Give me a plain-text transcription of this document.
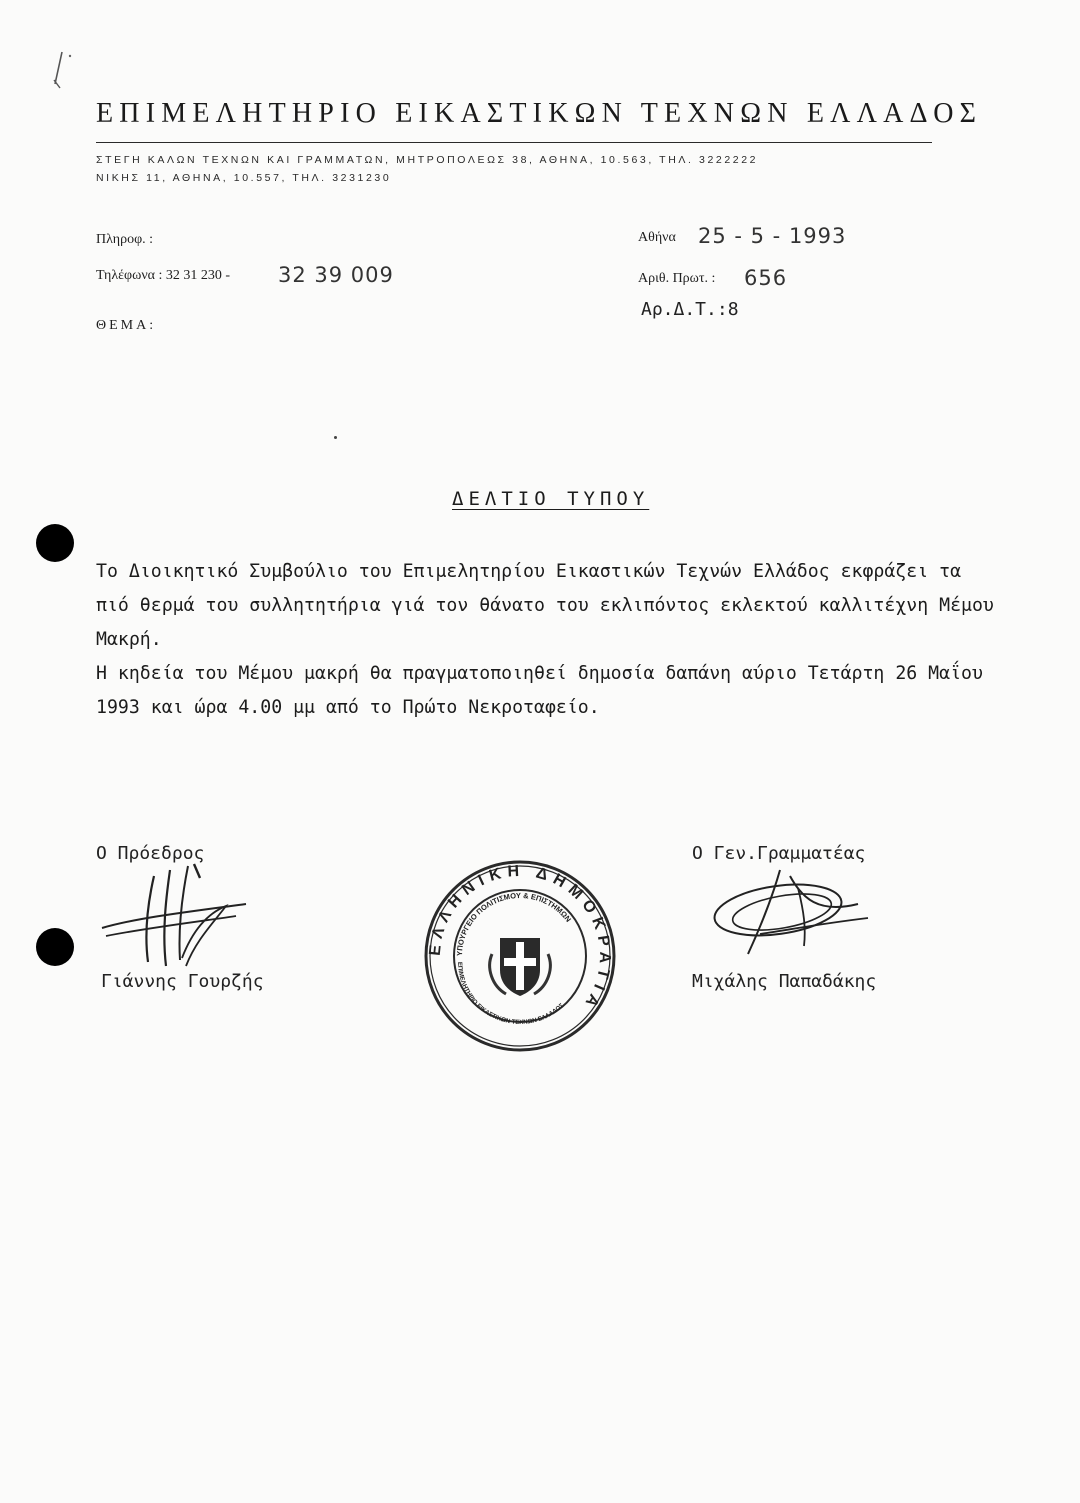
ΕΠΙΜΕΛΗΤΗΡΙΟ ΕΙΚΑΣΤΙΚΩΝ ΤΕΧΝΩΝ ΕΛΛΑΔΟΣ
ΣΤΕΓΗ ΚΑΛΩΝ ΤΕΧΝΩΝ ΚΑΙ ΓΡΑΜΜΑΤΩΝ, ΜΗΤΡΟΠΟΛΕΩΣ 38, ΑΘΗΝΑ, 10.563, ΤΗΛ. 3222222
ΝΙΚΗΣ 11, ΑΘΗΝΑ, 10.557, ΤΗΛ. 3231230
Πληροφ. :
Τηλέφωνα : 32 31 230 - 32 39 009
ΘΕΜΑ:
Αθήνα 25 - 5 - 1993
Αριθ. Πρωτ. : 656
Αρ.Δ.Τ.:8
ΔΕΛΤΙΟ ΤΥΠΟΥ

Το Διοικητικό Συμβούλιο του Επιμελητηρίου Εικαστικών Τεχνών Ελλάδος εκφράζει τα

πιό θερμά του συλλητητήρια γιά τον θάνατο του εκλιπόντος εκλεκτού καλλιτέχνη Μέμου

Μακρή.

Η κηδεία του Μέμου μακρή θα πραγματοποιηθεί δημοσία δαπάνη αύριο Τετάρτη 26 Μαΐου

1993 και ώρα 4.00 μμ από το Πρώτο Νεκροταφείο.

Ο Πρόεδρος
Γιάννης Γουρζής
ΕΛΛΗΝΙΚΗ ΔΗΜΟΚΡΑΤΙΑ
ΥΠΟΥΡΓΕΙΟ ΠΟΛΙΤΙΣΜΟΥ & ΕΠΙΣΤΗΜΩΝ
ΕΠΙΜΕΛΗΤΗΡΙΟ ΕΙΚΑΣΤΙΚΩΝ ΤΕΧΝΩΝ ΕΛΛΑΔΟΣ
Ο Γεν.Γραμματέας
Μιχάλης Παπαδάκης
